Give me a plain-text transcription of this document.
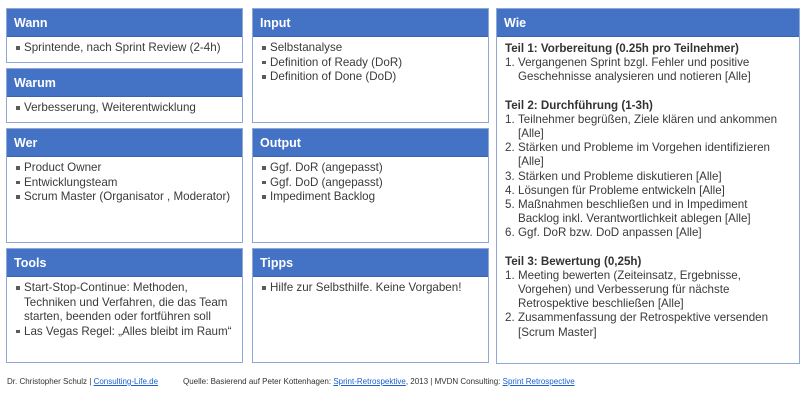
Wann
Sprintende, nach Sprint Review (2-4h)
Warum
Verbesserung, Weiterentwicklung
Wer
Product Owner
Entwicklungsteam
Scrum Master (Organisator , Moderator)
Tools
Start-Stop-Continue: Methoden, Techniken und Verfahren, die das Team starten, beenden oder fortführen soll
Las Vegas Regel: „Alles bleibt im Raum“
Input
Selbstanalyse
Definition of Ready (DoR)
Definition of Done (DoD)
Output
Ggf. DoR (angepasst)
Ggf. DoD (angepasst)
Impediment Backlog
Tipps
Hilfe zur Selbsthilfe. Keine Vorgaben!
Wie
Teil 1: Vorbereitung (0.25h pro Teilnehmer)
1. Vergangenen Sprint bzgl. Fehler und positive Geschehnisse analysieren und notieren [Alle]
Teil 2: Durchführung (1-3h)
1. Teilnehmer begrüßen, Ziele klären und ankommen [Alle]
2. Stärken und Probleme im Vorgehen identifizieren [Alle]
3. Stärken und Probleme diskutieren [Alle]
4. Lösungen für Probleme entwickeln [Alle]
5. Maßnahmen beschließen und in Impediment Backlog inkl. Verantwortlichkeit ablegen [Alle]
6. Ggf. DoR bzw. DoD anpassen [Alle]
Teil 3: Bewertung (0,25h)
1. Meeting bewerten (Zeiteinsatz, Ergebnisse, Vorgehen) und Verbesserung für nächste Retrospektive beschließen [Alle]
2. Zusammenfassung der Retrospektive versenden [Scrum Master]
Dr. Christopher Schulz | Consulting-Life.de	Quelle: Basierend auf Peter Kottenhagen: Sprint-Retrospektive, 2013 | MVDN Consulting: Sprint Retrospective
